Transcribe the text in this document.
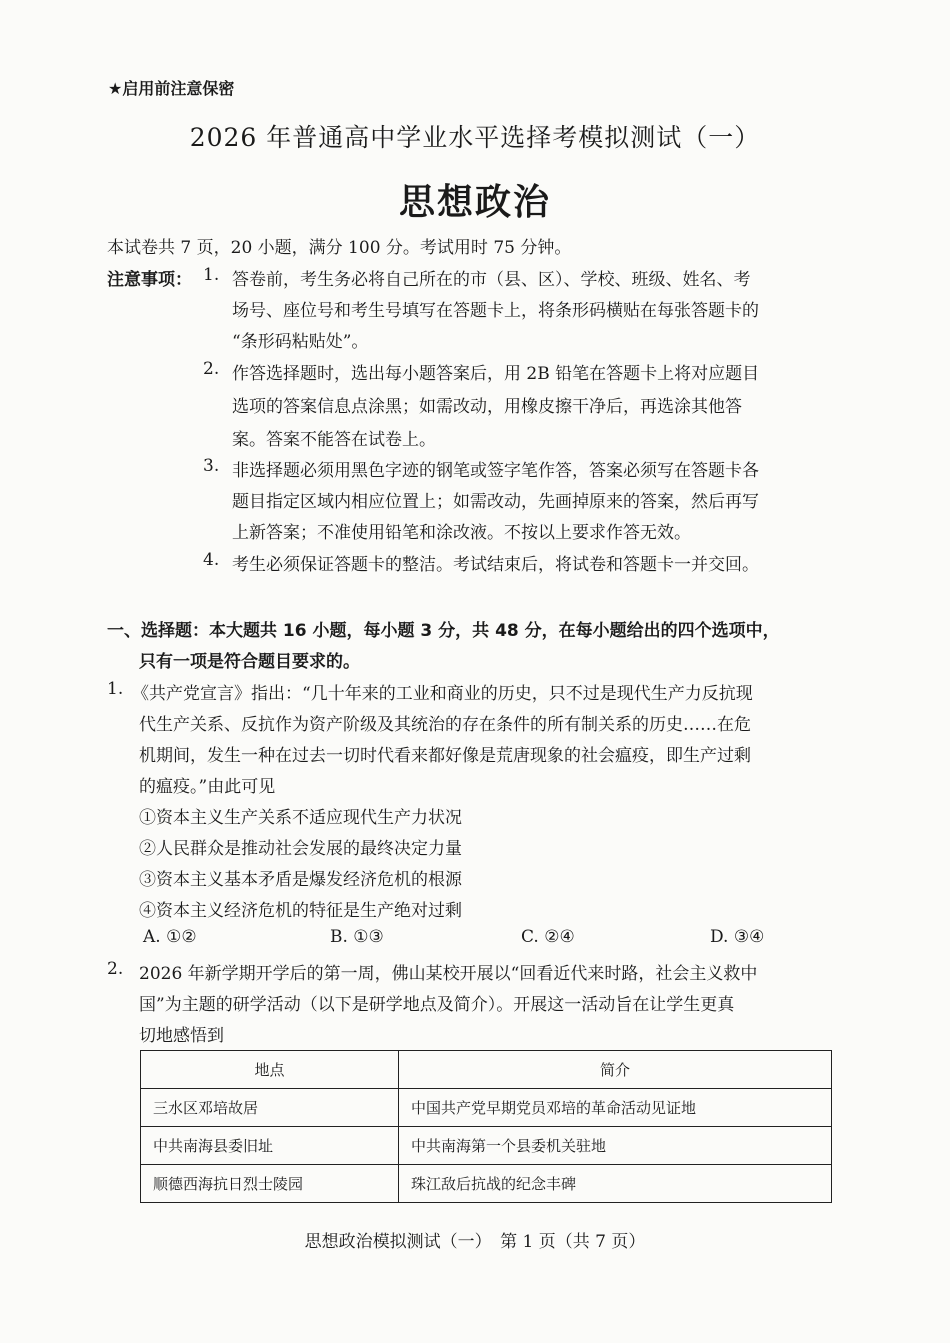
★启用前注意保密
2026 年普通高中学业水平选择考模拟测试（一）
思想政治
本试卷共 7 页，20 小题，满分 100 分。考试用时 75 分钟。
注意事项： 1. 答卷前，考生务必将自己所在的市（县、区）、学校、班级、姓名、考
场号、座位号和考生号填写在答题卡上，将条形码横贴在每张答题卡的
“条形码粘贴处”。
2. 作答选择题时，选出每小题答案后，用 2B 铅笔在答题卡上将对应题目
选项的答案信息点涂黑；如需改动，用橡皮擦干净后，再选涂其他答
案。答案不能答在试卷上。
3. 非选择题必须用黑色字迹的钢笔或签字笔作答，答案必须写在答题卡各
题目指定区域内相应位置上；如需改动，先画掉原来的答案，然后再写
上新答案；不准使用铅笔和涂改液。不按以上要求作答无效。
4. 考生必须保证答题卡的整洁。考试结束后，将试卷和答题卡一并交回。
一、选择题：本大题共 16 小题，每小题 3 分，共 48 分，在每小题给出的四个选项中，
只有一项是符合题目要求的。
1. 《共产党宣言》指出：“几十年来的工业和商业的历史，只不过是现代生产力反抗现
代生产关系、反抗作为资产阶级及其统治的存在条件的所有制关系的历史……在危
机期间，发生一种在过去一切时代看来都好像是荒唐现象的社会瘟疫，即生产过剩
的瘟疫。”由此可见
①资本主义生产关系不适应现代生产力状况
②人民群众是推动社会发展的最终决定力量
③资本主义基本矛盾是爆发经济危机的根源
④资本主义经济危机的特征是生产绝对过剩
A. ①②	B. ①③	C. ②④	D. ③④
2. 2026 年新学期开学后的第一周，佛山某校开展以“回看近代来时路，社会主义救中
国”为主题的研学活动（以下是研学地点及简介）。开展这一活动旨在让学生更真
切地感悟到
地点	简介
三水区邓培故居	中国共产党早期党员邓培的革命活动见证地
中共南海县委旧址	中共南海第一个县委机关驻地
顺德西海抗日烈士陵园	珠江敌后抗战的纪念丰碑
思想政治模拟测试（一）　第 1 页（共 7 页）
